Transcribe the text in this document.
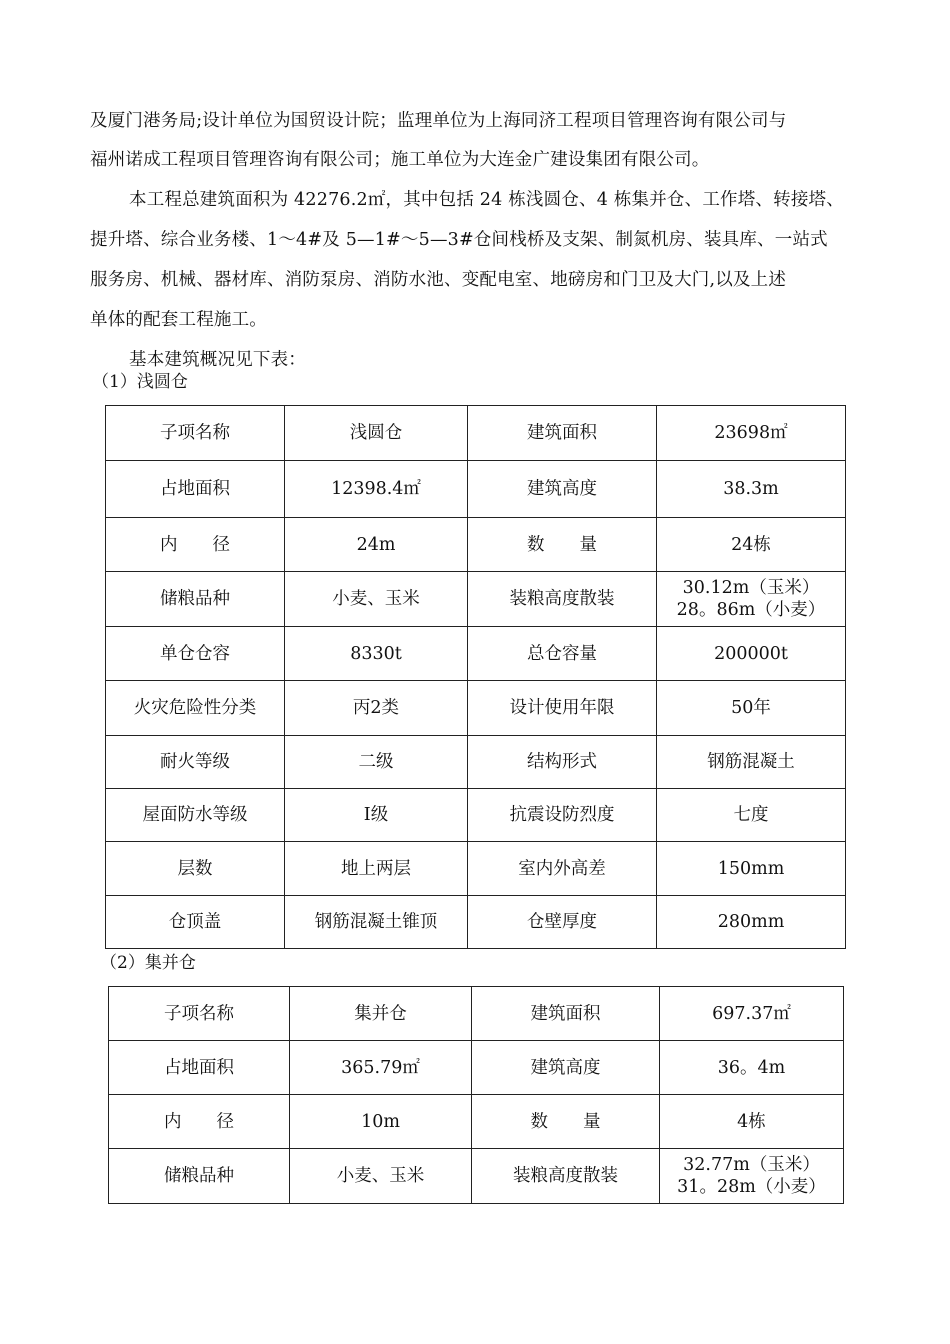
及厦门港务局;设计单位为国贸设计院；监理单位为上海同济工程项目管理咨询有限公司与
福州诺成工程项目管理咨询有限公司；施工单位为大连金广建设集团有限公司。
本工程总建筑面积为 42276.2㎡，其中包括 24 栋浅圆仓、4 栋集并仓、工作塔、转接塔、
提升塔、综合业务楼、1～4#及 5—1#～5—3#仓间栈桥及支架、制氮机房、装具库、一站式
服务房、机械、器材库、消防泵房、消防水池、变配电室、地磅房和门卫及大门,以及上述
单体的配套工程施工。
基本建筑概况见下表：
（1）浅圆仓
子项名称	浅圆仓	建筑面积	23698㎡
占地面积	12398.4㎡	建筑高度	38.3m
内　　径	24m	数　　量	24栋
储粮品种	小麦、玉米	装粮高度散装	30.12m（玉米）
28。86m（小麦）

单仓仓容	8330t	总仓容量	200000t
火灾危险性分类	丙2类	设计使用年限	50年
耐火等级	二级	结构形式	钢筋混凝土
屋面防水等级	Ⅰ级	抗震设防烈度	七度
层数	地上两层	室内外高差	150mm
仓顶盖	钢筋混凝土锥顶	仓壁厚度	280mm
（2）集并仓
子项名称	集并仓	建筑面积	697.37㎡
占地面积	365.79㎡	建筑高度	36。4m
内　　径	10m	数　　量	4栋
储粮品种	小麦、玉米	装粮高度散装	32.77m（玉米）
31。28m（小麦）
